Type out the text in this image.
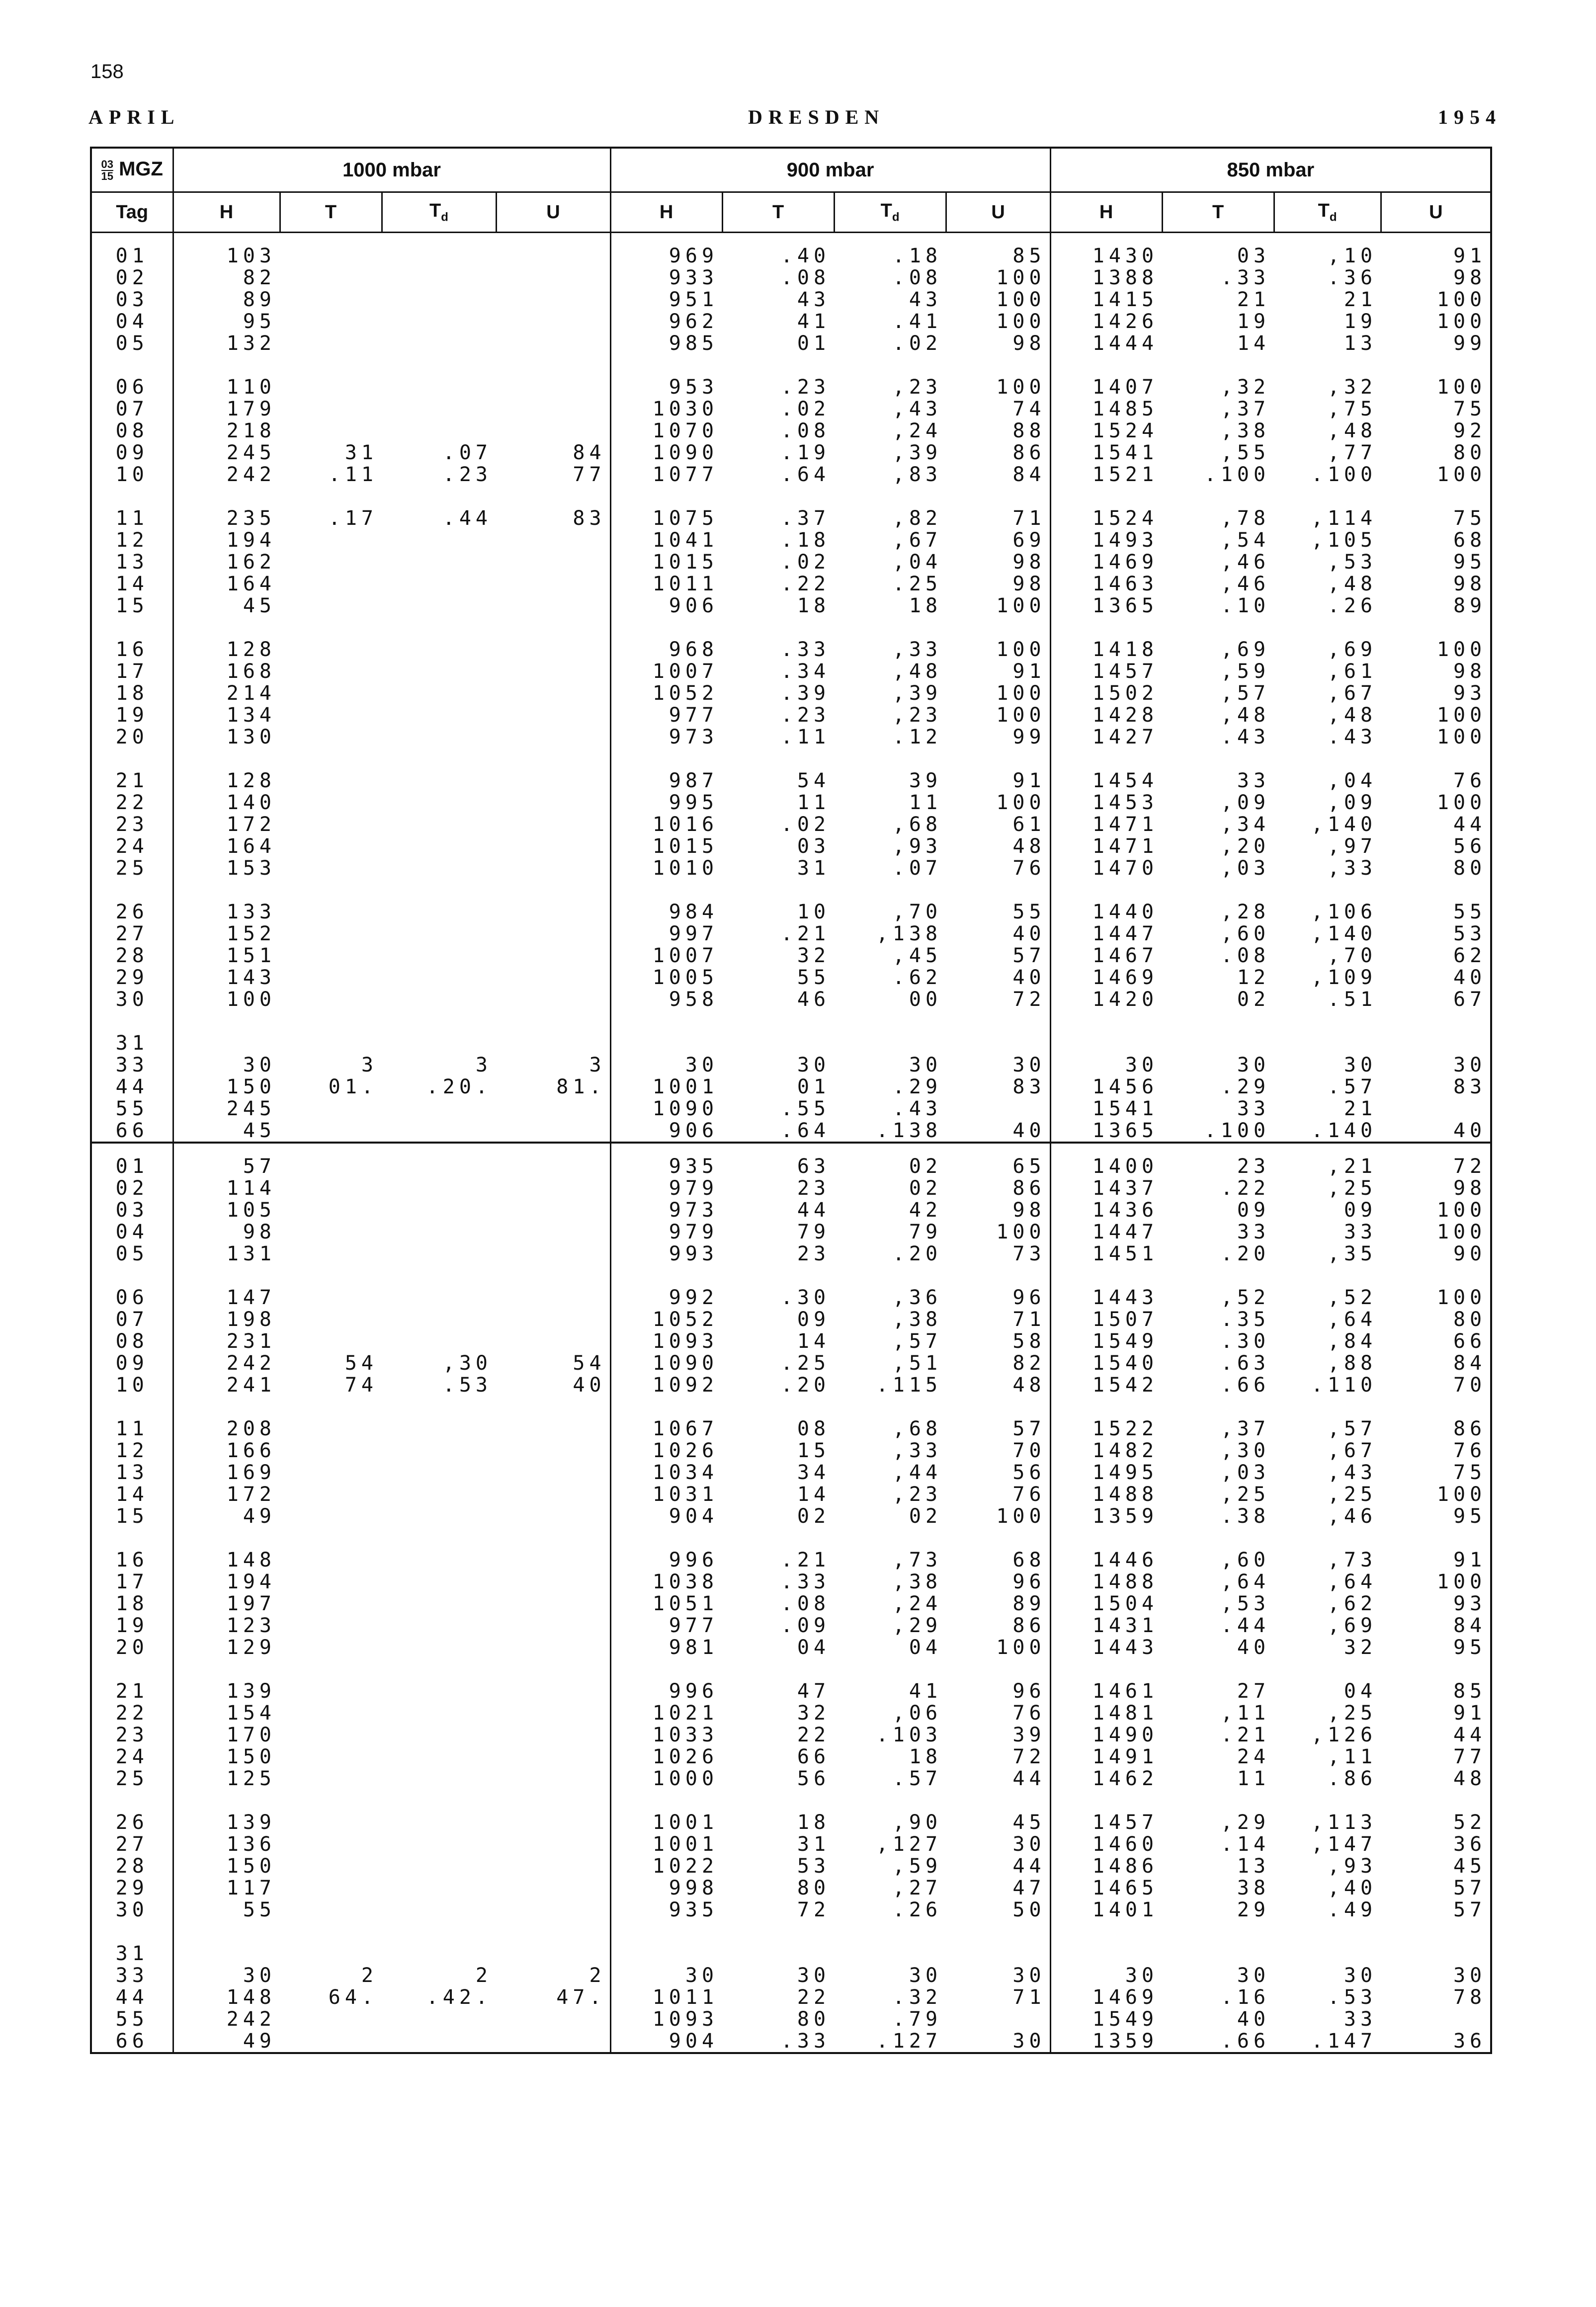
158
APRIL	DRESDEN	1954
$\frac{03}{15}$ MGZ	1000 mbar				900 mbar				850 mbar			
Tag	H	T	$T_d$	U	H	T	$T_d$	U	H	T	$T_d$	U
01	103				969	.40	.18	85	1430	03	,10	91
02	82				933	.08	.08	100	1388	.33	.36	98
03	89				951	43	43	100	1415	21	21	100
04	95				962	41	.41	100	1426	19	19	100
05	132				985	01	.02	98	1444	14	13	99

06	110				953	.23	,23	100	1407	,32	,32	100
07	179				1030	.02	,43	74	1485	,37	,75	75
08	218				1070	.08	,24	88	1524	,38	,48	92
09	245	31	.07	84	1090	.19	,39	86	1541	,55	,77	80
10	242	.11	.23	77	1077	.64	,83	84	1521	.100	.100	100

11	235	.17	.44	83	1075	.37	,82	71	1524	,78	,114	75
12	194				1041	.18	,67	69	1493	,54	,105	68
13	162				1015	.02	,04	98	1469	,46	,53	95
14	164				1011	.22	.25	98	1463	,46	,48	98
15	45				906	18	18	100	1365	.10	.26	89

16	128				968	.33	,33	100	1418	,69	,69	100
17	168				1007	.34	,48	91	1457	,59	,61	98
18	214				1052	.39	,39	100	1502	,57	,67	93
19	134				977	.23	,23	100	1428	,48	,48	100
20	130				973	.11	.12	99	1427	.43	.43	100

21	128				987	54	39	91	1454	33	,04	76
22	140				995	11	11	100	1453	,09	,09	100
23	172				1016	.02	,68	61	1471	,34	,140	44
24	164				1015	03	,93	48	1471	,20	,97	56
25	153				1010	31	.07	76	1470	,03	,33	80

26	133				984	10	,70	55	1440	,28	,106	55
27	152				997	.21	,138	40	1447	,60	,140	53
28	151				1007	32	,45	57	1467	.08	,70	62
29	143				1005	55	.62	40	1469	12	,109	40
30	100				958	46	00	72	1420	02	.51	67

31												
33	30	3	3	3	30	30	30	30	30	30	30	30
44	150	01.	.20.	81.	1001	01	.29	83	1456	.29	.57	83
55	245				1090	.55	.43		1541	33	21	
66	45				906	.64	.138	40	1365	.100	.140	40
01	57				935	63	02	65	1400	23	,21	72
02	114				979	23	02	86	1437	.22	,25	98
03	105				973	44	42	98	1436	09	09	100
04	98				979	79	79	100	1447	33	33	100
05	131				993	23	.20	73	1451	.20	,35	90

06	147				992	.30	,36	96	1443	,52	,52	100
07	198				1052	09	,38	71	1507	.35	,64	80
08	231				1093	14	,57	58	1549	.30	,84	66
09	242	54	,30	54	1090	.25	,51	82	1540	.63	,88	84
10	241	74	.53	40	1092	.20	.115	48	1542	.66	.110	70

11	208				1067	08	,68	57	1522	,37	,57	86
12	166				1026	15	,33	70	1482	,30	,67	76
13	169				1034	34	,44	56	1495	,03	,43	75
14	172				1031	14	,23	76	1488	,25	,25	100
15	49				904	02	02	100	1359	.38	,46	95

16	148				996	.21	,73	68	1446	,60	,73	91
17	194				1038	.33	,38	96	1488	,64	,64	100
18	197				1051	.08	,24	89	1504	,53	,62	93
19	123				977	.09	,29	86	1431	.44	,69	84
20	129				981	04	04	100	1443	40	32	95

21	139				996	47	41	96	1461	27	04	85
22	154				1021	32	,06	76	1481	,11	,25	91
23	170				1033	22	.103	39	1490	.21	,126	44
24	150				1026	66	18	72	1491	24	,11	77
25	125				1000	56	.57	44	1462	11	.86	48

26	139				1001	18	,90	45	1457	,29	,113	52
27	136				1001	31	,127	30	1460	.14	,147	36
28	150				1022	53	,59	44	1486	13	,93	45
29	117				998	80	,27	47	1465	38	,40	57
30	55				935	72	.26	50	1401	29	.49	57

31												
33	30	2	2	2	30	30	30	30	30	30	30	30
44	148	64.	.42.	47.	1011	22	.32	71	1469	.16	.53	78
55	242				1093	80	.79		1549	40	33	
66	49				904	.33	.127	30	1359	.66	.147	36
